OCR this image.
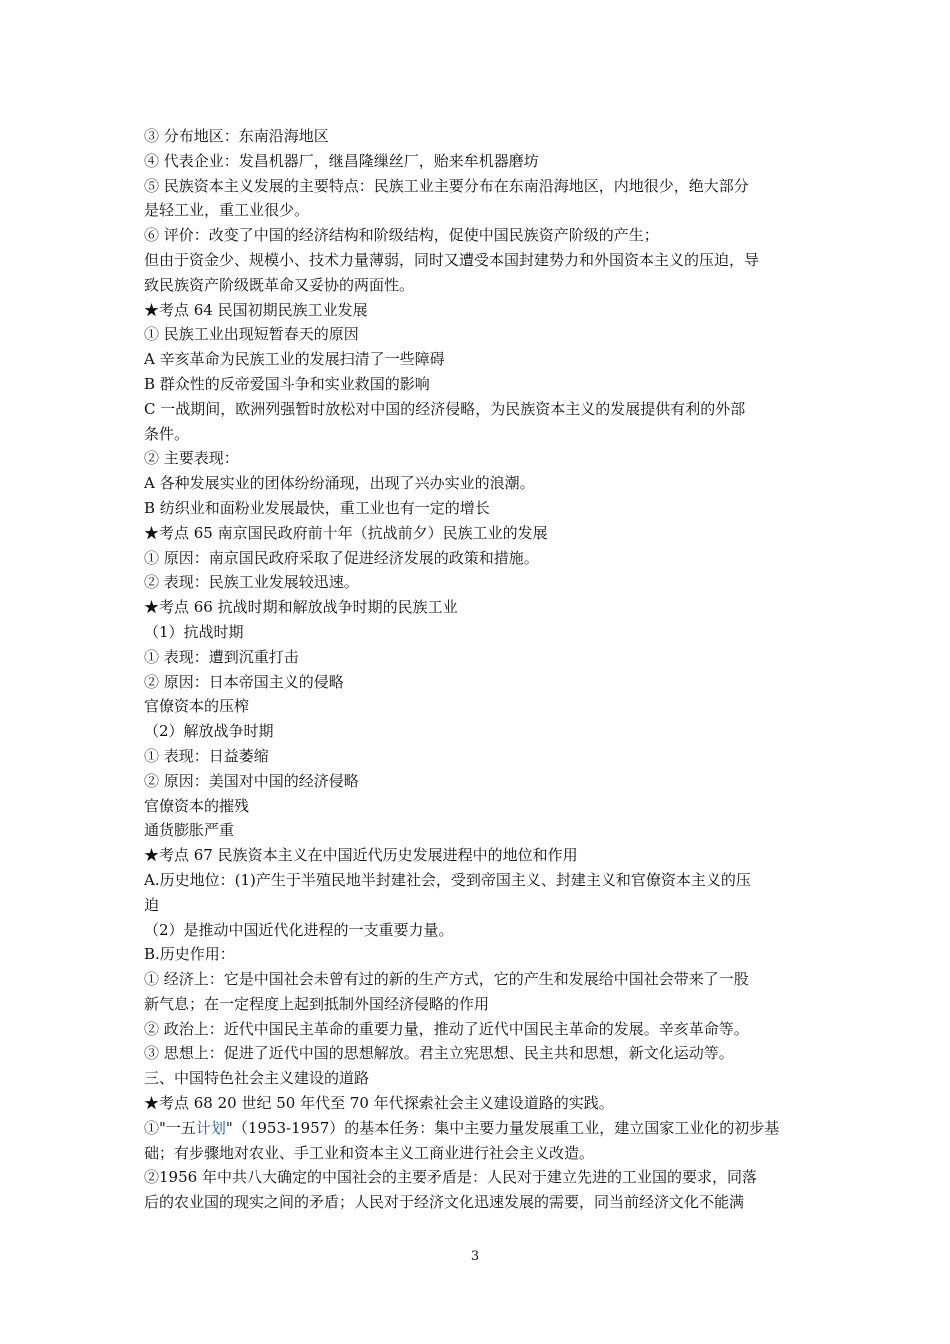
③ 分布地区：东南沿海地区
④ 代表企业：发昌机器厂，继昌隆缫丝厂，贻来牟机器磨坊
⑤ 民族资本主义发展的主要特点：民族工业主要分布在东南沿海地区，内地很少，绝大部分
是轻工业，重工业很少。
⑥ 评价：改变了中国的经济结构和阶级结构，促使中国民族资产阶级的产生；
但由于资金少、规模小、技术力量薄弱，同时又遭受本国封建势力和外国资本主义的压迫，导
致民族资产阶级既革命又妥协的两面性。
★考点 64 民国初期民族工业发展
① 民族工业出现短暂春天的原因
A 辛亥革命为民族工业的发展扫清了一些障碍
B 群众性的反帝爱国斗争和实业救国的影响
C 一战期间，欧洲列强暂时放松对中国的经济侵略，为民族资本主义的发展提供有利的外部
条件。
② 主要表现：
A 各种发展实业的团体纷纷涌现，出现了兴办实业的浪潮。
B 纺织业和面粉业发展最快，重工业也有一定的增长
★考点 65 南京国民政府前十年（抗战前夕）民族工业的发展
① 原因：南京国民政府采取了促进经济发展的政策和措施。
② 表现：民族工业发展较迅速。
★考点 66 抗战时期和解放战争时期的民族工业
（1）抗战时期
① 表现：遭到沉重打击
② 原因：日本帝国主义的侵略
官僚资本的压榨
（2）解放战争时期
① 表现：日益萎缩
② 原因：美国对中国的经济侵略
官僚资本的摧残
通货膨胀严重
★考点 67 民族资本主义在中国近代历史发展进程中的地位和作用
A.历史地位：(1)产生于半殖民地半封建社会，受到帝国主义、封建主义和官僚资本主义的压
迫
（2）是推动中国近代化进程的一支重要力量。
B.历史作用：
① 经济上：它是中国社会未曾有过的新的生产方式，它的产生和发展给中国社会带来了一股
新气息；在一定程度上起到抵制外国经济侵略的作用
② 政治上：近代中国民主革命的重要力量，推动了近代中国民主革命的发展。辛亥革命等。
③ 思想上：促进了近代中国的思想解放。君主立宪思想、民主共和思想，新文化运动等。
三、中国特色社会主义建设的道路
★考点 68 20 世纪 50 年代至 70 年代探索社会主义建设道路的实践。
①"一五计划"（1953-1957）的基本任务：集中主要力量发展重工业，建立国家工业化的初步基
础；有步骤地对农业、手工业和资本主义工商业进行社会主义改造。
②1956 年中共八大确定的中国社会的主要矛盾是：人民对于建立先进的工业国的要求，同落
后的农业国的现实之间的矛盾；人民对于经济文化迅速发展的需要，同当前经济文化不能满
3
